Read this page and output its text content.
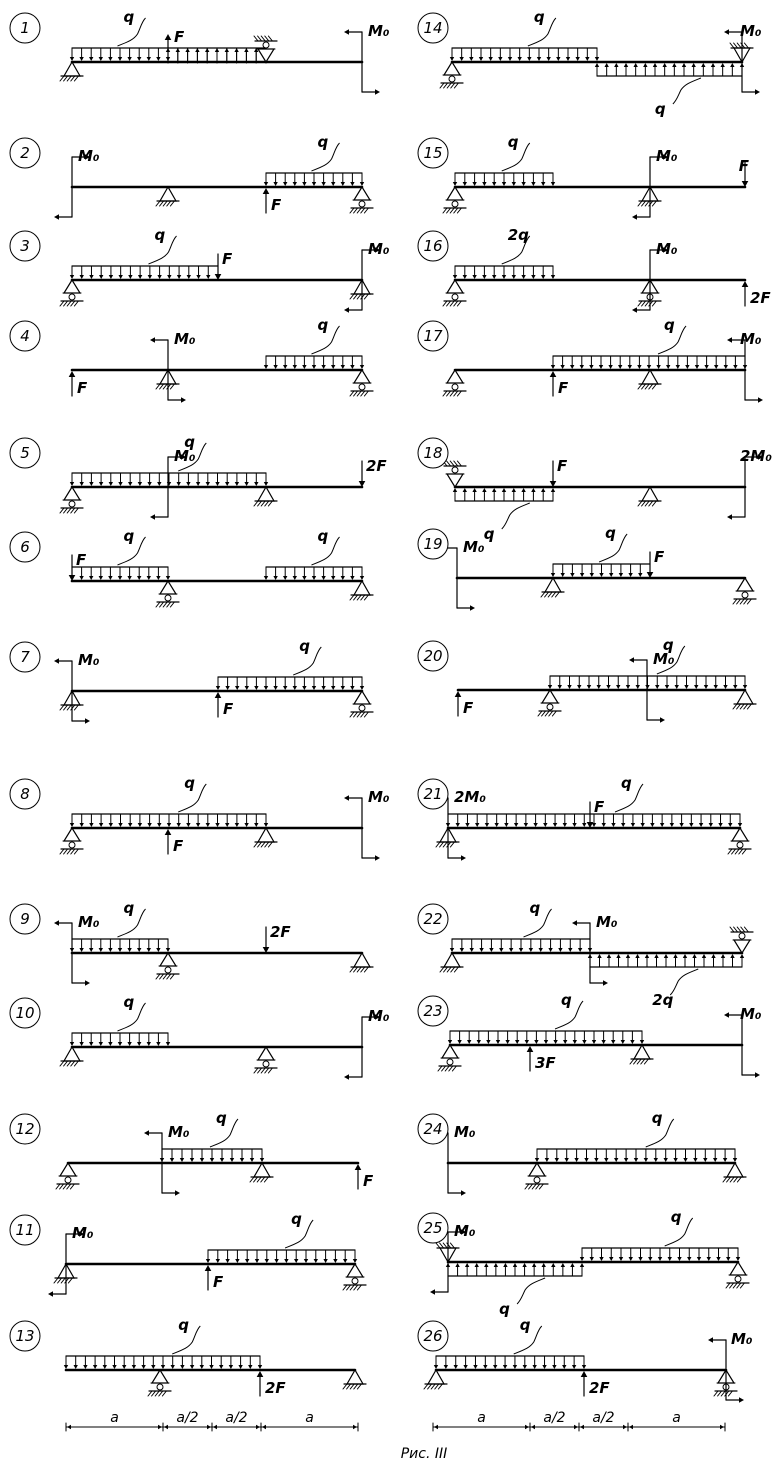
q
F	M₀
1
q
F
M₀
2
q
F
M₀
3
q
F
M₀
4
q
2F
M₀
5
q	q
F
6
q
F
M₀
7
q
F
M₀
8
q
2F
M₀
9
q
M₀
10
q
F
M₀
12
q
F
M₀
11
q
2F
13
q
q
M₀
14
q
F
M₀
15
2q
2F
M₀
16
q
F
M₀
17
q
F
2M₀
18
q
F
M₀
19
q
F
M₀
20
q
F
2M₀
21
q
2q
M₀
22
q
3F
M₀
23
q
M₀
24
q
q
M₀
25
q
2F
M₀
26
a	a/2 a/2	a	a	a/2 a/2	a
Рис. III
